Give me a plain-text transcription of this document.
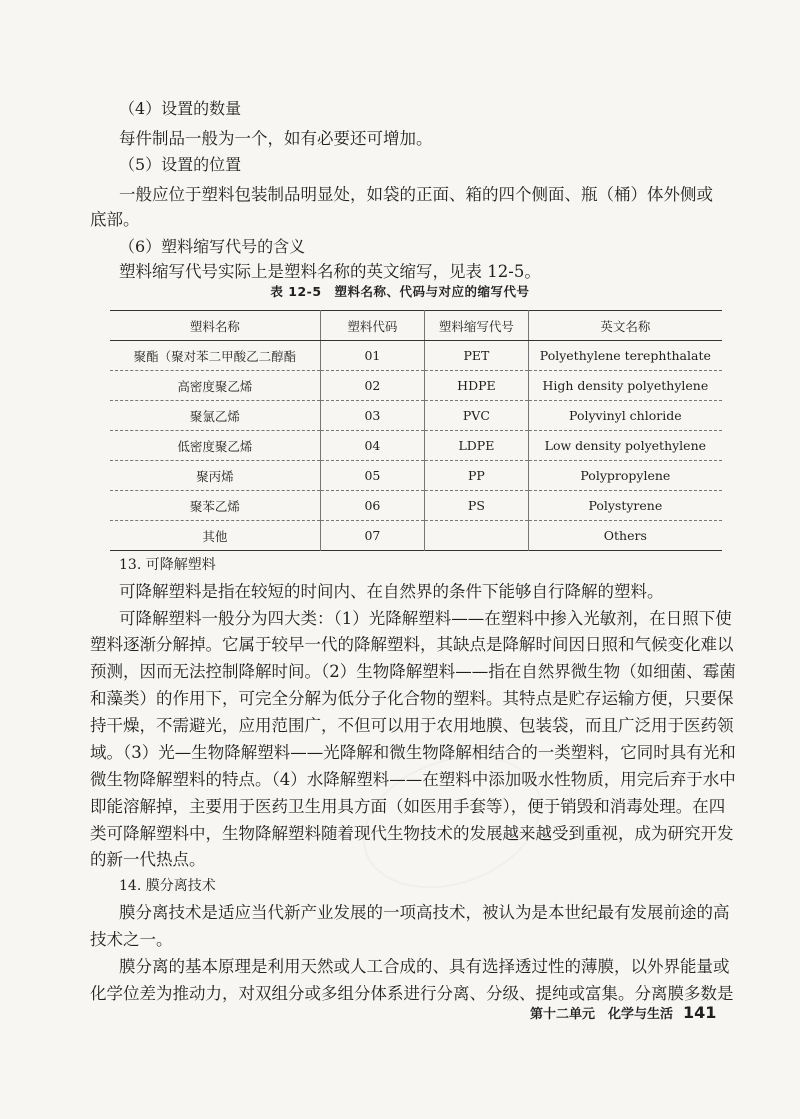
（4）设置的数量
每件制品一般为一个，如有必要还可增加。
（5）设置的位置
一般应位于塑料包装制品明显处，如袋的正面、箱的四个侧面、瓶（桶）体外侧或
底部。
（6）塑料缩写代号的含义
塑料缩写代号实际上是塑料名称的英文缩写，见表 12-5。
表 12-5　塑料名称、代码与对应的缩写代号
塑料名称	塑料代码	塑料缩写代号	英文名称
聚酯（聚对苯二甲酸乙二醇酯	01	PET	Polyethylene terephthalate
高密度聚乙烯	02	HDPE	High density polyethylene
聚氯乙烯	03	PVC	Polyvinyl chloride
低密度聚乙烯	04	LDPE	Low density polyethylene
聚丙烯	05	PP	Polypropylene
聚苯乙烯	06	PS	Polystyrene
其他	07		Others
13. 可降解塑料
可降解塑料是指在较短的时间内、在自然界的条件下能够自行降解的塑料。
可降解塑料一般分为四大类：（1）光降解塑料——在塑料中掺入光敏剂，在日照下使
塑料逐渐分解掉。它属于较早一代的降解塑料，其缺点是降解时间因日照和气候变化难以
预测，因而无法控制降解时间。（2）生物降解塑料——指在自然界微生物（如细菌、霉菌
和藻类）的作用下，可完全分解为低分子化合物的塑料。其特点是贮存运输方便，只要保
持干燥，不需避光，应用范围广，不但可以用于农用地膜、包装袋，而且广泛用于医药领
域。（3）光—生物降解塑料——光降解和微生物降解相结合的一类塑料，它同时具有光和
微生物降解塑料的特点。（4）水降解塑料——在塑料中添加吸水性物质，用完后弃于水中
即能溶解掉，主要用于医药卫生用具方面（如医用手套等），便于销毁和消毒处理。在四
类可降解塑料中，生物降解塑料随着现代生物技术的发展越来越受到重视，成为研究开发
的新一代热点。
14. 膜分离技术
膜分离技术是适应当代新产业发展的一项高技术，被认为是本世纪最有发展前途的高
技术之一。
膜分离的基本原理是利用天然或人工合成的、具有选择透过性的薄膜，以外界能量或
化学位差为推动力，对双组分或多组分体系进行分离、分级、提纯或富集。分离膜多数是
第十二单元　化学与生活 141
